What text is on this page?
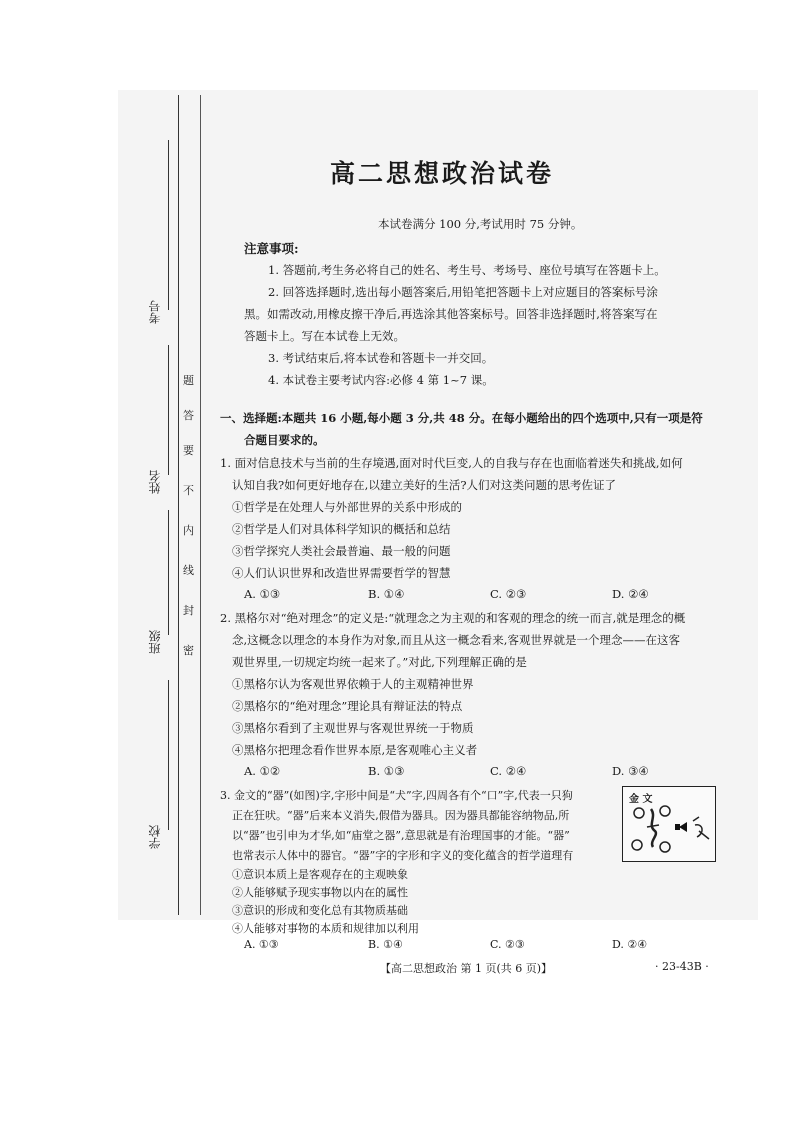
考号
姓名
班级
学校
题
答
要
不
内
线
封
密
高二思想政治试卷
本试卷满分 100 分,考试用时 75 分钟。
注意事项:
1. 答题前,考生务必将自己的姓名、考生号、考场号、座位号填写在答题卡上。
2. 回答选择题时,选出每小题答案后,用铅笔把答题卡上对应题目的答案标号涂
黑。如需改动,用橡皮擦干净后,再选涂其他答案标号。回答非选择题时,将答案写在
答题卡上。写在本试卷上无效。
3. 考试结束后,将本试卷和答题卡一并交回。
4. 本试卷主要考试内容:必修 4 第 1~7 课。
一、选择题:本题共 16 小题,每小题 3 分,共 48 分。在每小题给出的四个选项中,只有一项是符
合题目要求的。
1. 面对信息技术与当前的生存境遇,面对时代巨变,人的自我与存在也面临着迷失和挑战,如何
认知自我?如何更好地存在,以建立美好的生活?人们对这类问题的思考佐证了
①哲学是在处理人与外部世界的关系中形成的
②哲学是人们对具体科学知识的概括和总结
③哲学探究人类社会最普遍、最一般的问题
④人们认识世界和改造世界需要哲学的智慧
A. ①③	B. ①④	C. ②③	D. ②④
2. 黑格尔对“绝对理念”的定义是:“就理念之为主观的和客观的理念的统一而言,就是理念的概
念,这概念以理念的本身作为对象,而且从这一概念看来,客观世界就是一个理念——在这客
观世界里,一切规定均统一起来了。”对此,下列理解正确的是
①黑格尔认为客观世界依赖于人的主观精神世界
②黑格尔的“绝对理念”理论具有辩证法的特点
③黑格尔看到了主观世界与客观世界统一于物质
④黑格尔把理念看作世界本原,是客观唯心主义者
A. ①②	B. ①③	C. ②④	D. ③④
3. 金文的“器”(如图)字,字形中间是“犬”字,四周各有个“口”字,代表一只狗
正在狂吠。“器”后来本义消失,假借为器具。因为器具都能容纳物品,所
以“器”也引申为才华,如“庙堂之器”,意思就是有治理国事的才能。“器”
也常表示人体中的器官。“器”字的字形和字义的变化蕴含的哲学道理有
①意识本质上是客观存在的主观映象
②人能够赋予现实事物以内在的属性
③意识的形成和变化总有其物质基础
④人能够对事物的本质和规律加以利用
A. ①③	B. ①④	C. ②③	D. ②④
金 文
【高二思想政治 第 1 页(共 6 页)】	· 23-43B ·
